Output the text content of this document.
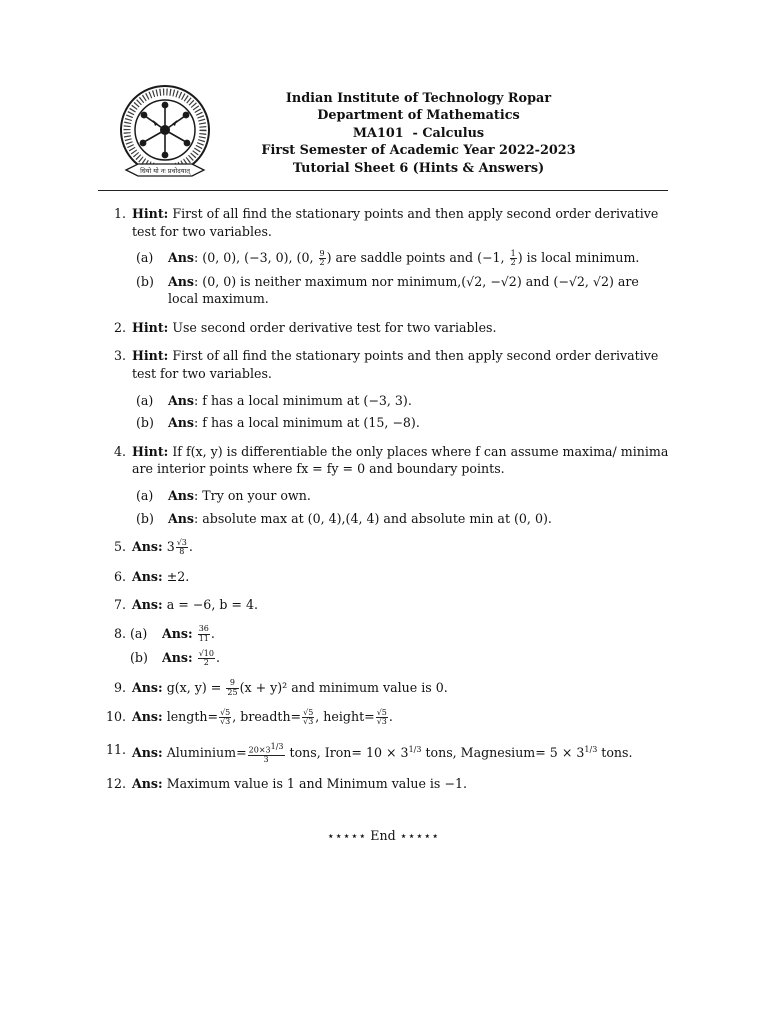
धियो यो नः प्रचोदयात्
Indian Institute of Technology Ropar
Department of Mathematics
MA101  - Calculus
First Semester of Academic Year 2022-2023
Tutorial Sheet 6 (Hints & Answers)
1. Hint: First of all find the stationary points and then apply second order derivative test for two variables.
(a)	Ans: (0, 0), (−3, 0), (0, $\frac{9}{2}$ ) are saddle points and (−1, $\frac{1}{2}$ ) is local minimum.
(b)	Ans: (0, 0) is neither maximum nor minimum,(√2, −√2) and (−√2, √2) are local maximum.
2. Hint: Use second order derivative test for two variables.
3. Hint: First of all find the stationary points and then apply second order derivative test for two variables.
(a)	Ans: f has a local minimum at (−3, 3).
(b)	Ans: f has a local minimum at (15, −8).
4. Hint: If f(x, y) is differentiable the only places where f can assume maxima/ minima are interior points where fx = fy = 0 and boundary points.
(a)	Ans: Try on your own.
(b)	Ans: absolute max at (0, 4),(4, 4) and absolute min at (0, 0).
5. Ans: $3 \frac{√3}{8}$ .
6. Ans: ±2.
7. Ans: a = −6, b = 4.
8. (a)	Ans: $\frac{36}{11}$ .
(b)	Ans: $\frac{√10}{2}$ .
9. Ans: g(x, $y) = \frac{9}{25} (x + y)^2$ and minimum value is 0.
10. Ans: length= $\frac{√5}{√3}$ , breadth= $\frac{√5}{√3}$ , height= $\frac{√5}{√3}$ .
11. Ans: Aluminium= $\frac{20\times 31/3}{3}$ tons, Iron= $10 \times 3^{1/3}$ tons, Magnesium= $5 \times 3^{1/3}$ tons.
12. Ans: Maximum value is 1 and Minimum value is −1.
⋆⋆⋆⋆⋆ End ⋆⋆⋆⋆⋆
